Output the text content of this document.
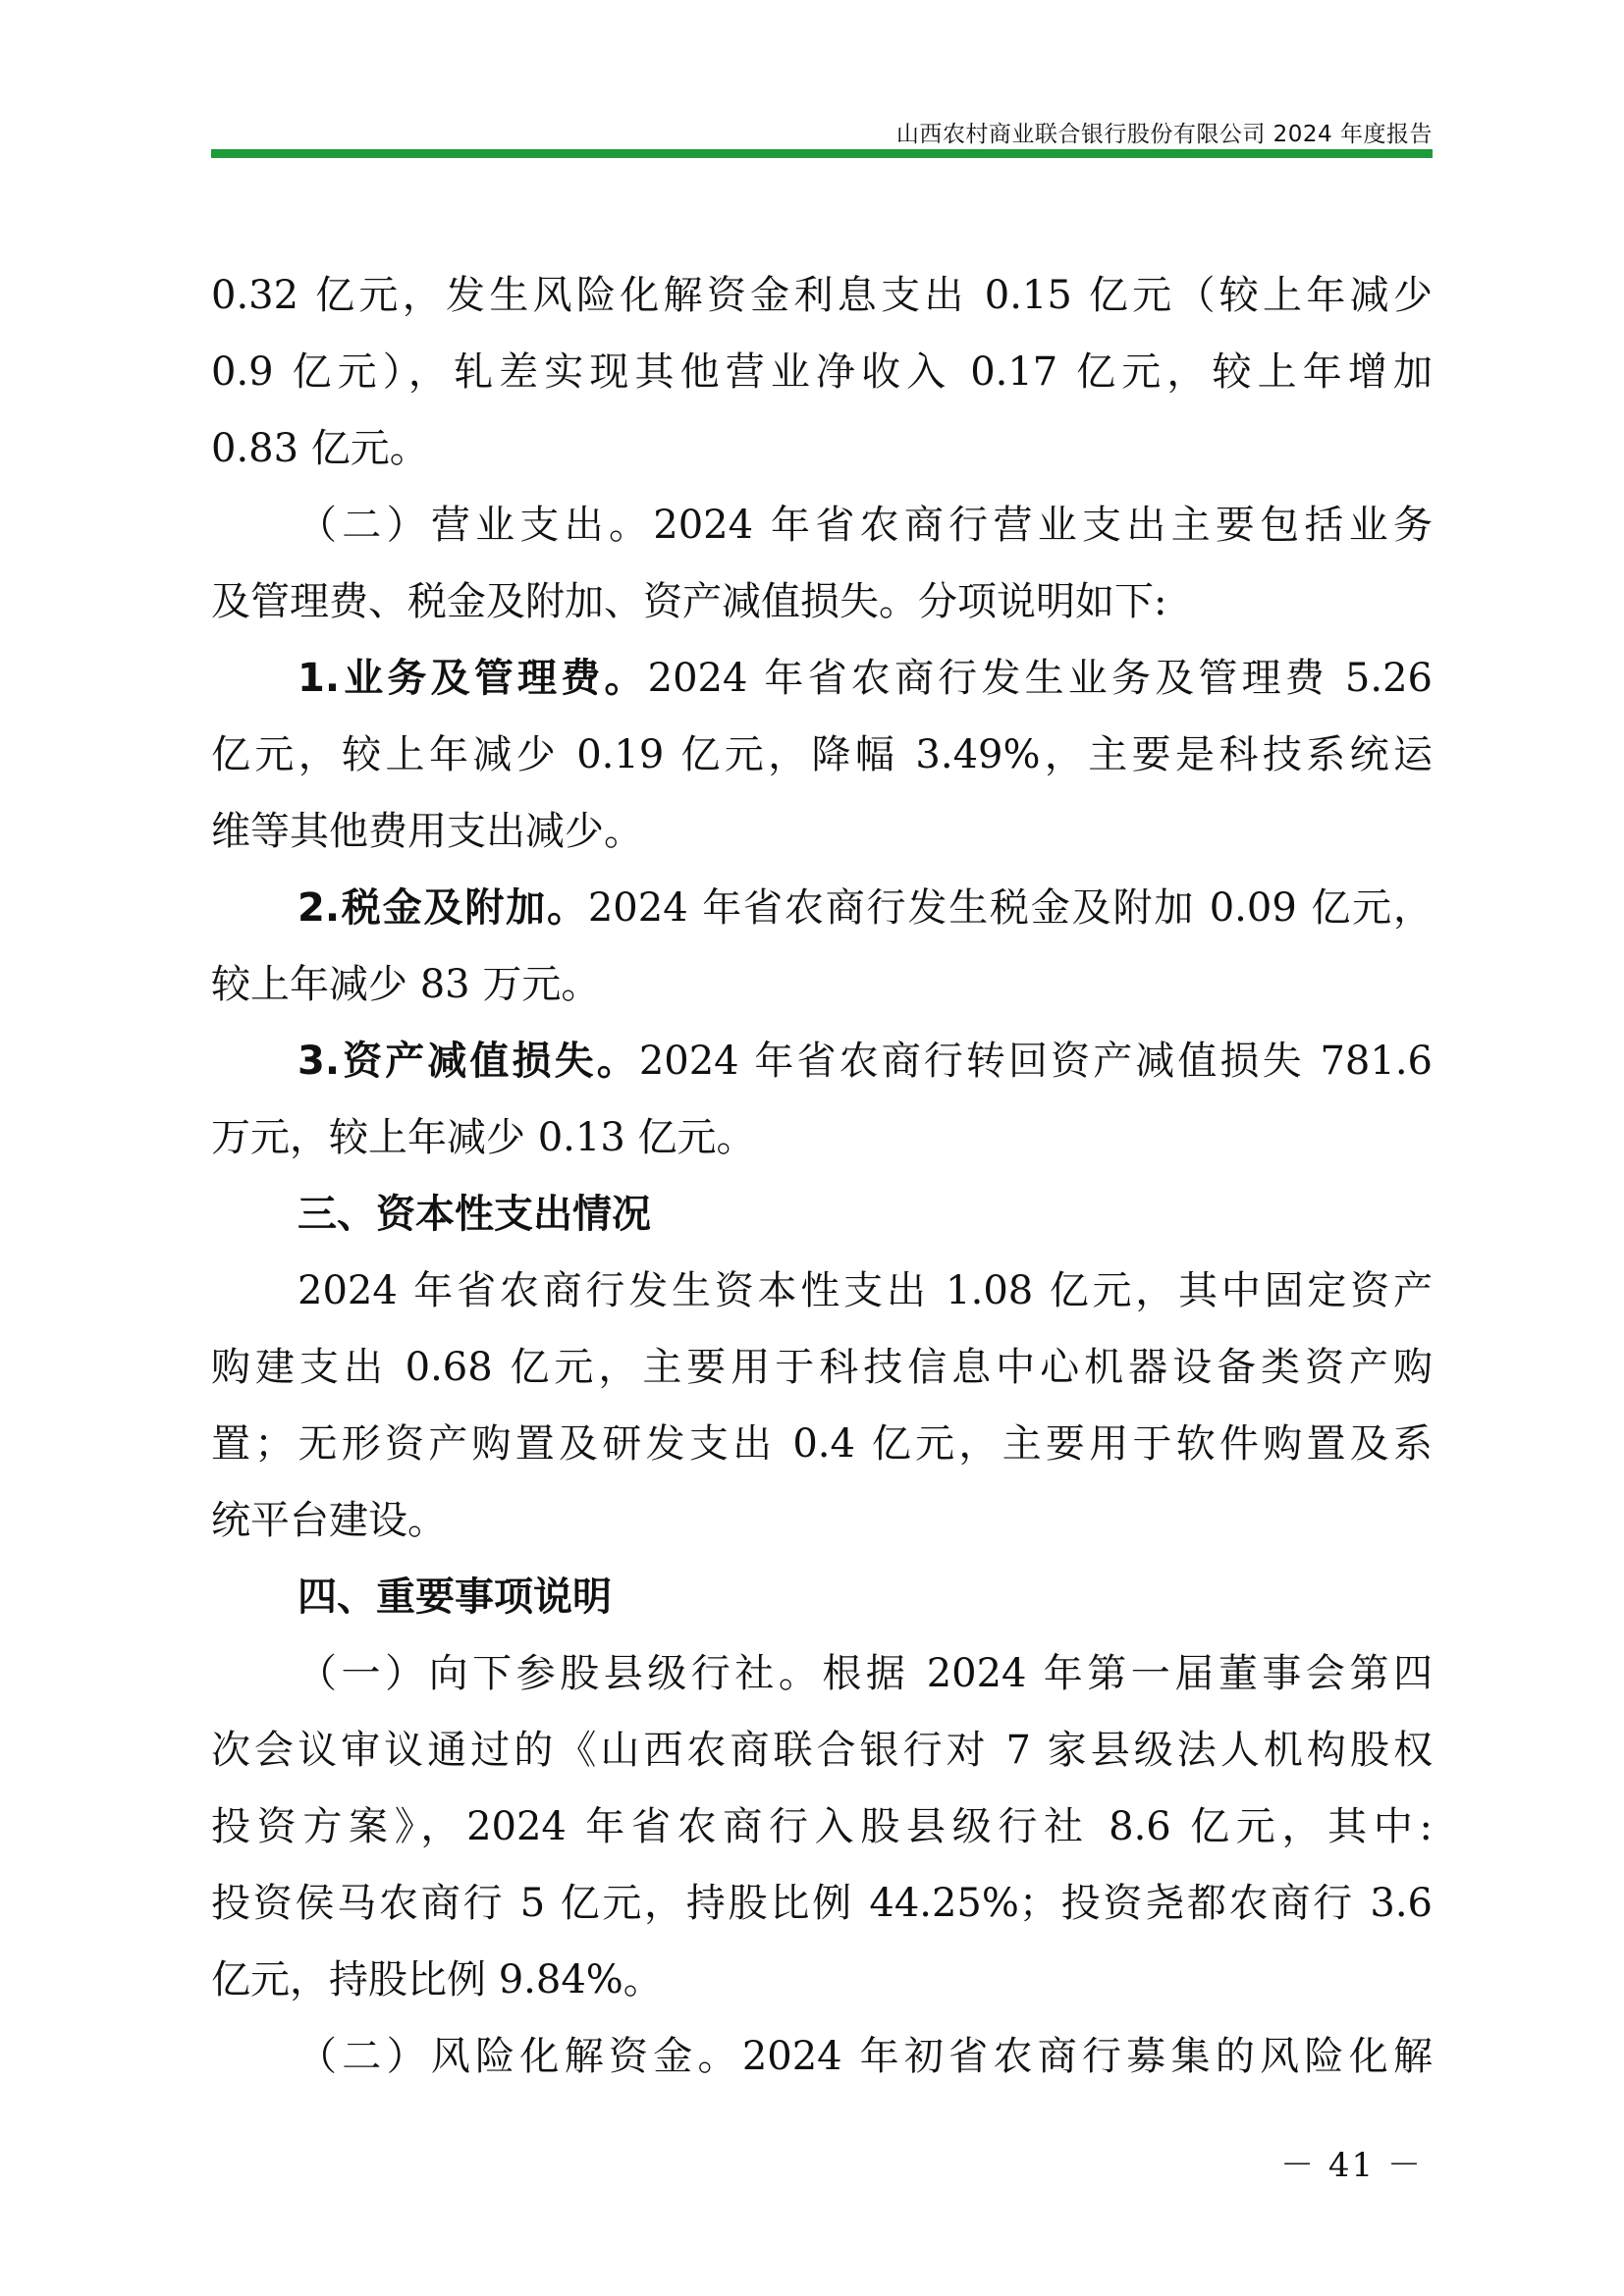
山西农村商业联合银行股份有限公司 2024 年度报告
0.32 亿元，发生风险化解资金利息支出 0.15 亿元（较上年减少
0.9 亿元），轧差实现其他营业净收入 0.17 亿元，较上年增加
0.83 亿元。
（二）营业支出。2024 年省农商行营业支出主要包括业务
及管理费、税金及附加、资产减值损失。分项说明如下:
1.业务及管理费。2024 年省农商行发生业务及管理费 5.26
亿元，较上年减少 0.19 亿元，降幅 3.49%，主要是科技系统运
维等其他费用支出减少。
2.税金及附加。2024 年省农商行发生税金及附加 0.09 亿元，
较上年减少 83 万元。
3.资产减值损失。2024 年省农商行转回资产减值损失 781.6
万元，较上年减少 0.13 亿元。
三、资本性支出情况
2024 年省农商行发生资本性支出 1.08 亿元，其中固定资产
购建支出 0.68 亿元，主要用于科技信息中心机器设备类资产购
置；无形资产购置及研发支出 0.4 亿元，主要用于软件购置及系
统平台建设。
四、重要事项说明
（一）向下参股县级行社。根据 2024 年第一届董事会第四
次会议审议通过的《山西农商联合银行对 7 家县级法人机构股权
投资方案》，2024 年省农商行入股县级行社 8.6 亿元，其中:
投资侯马农商行 5 亿元，持股比例 44.25%；投资尧都农商行 3.6
亿元，持股比例 9.84%。
（二）风险化解资金。2024 年初省农商行募集的风险化解
－ 41 －
